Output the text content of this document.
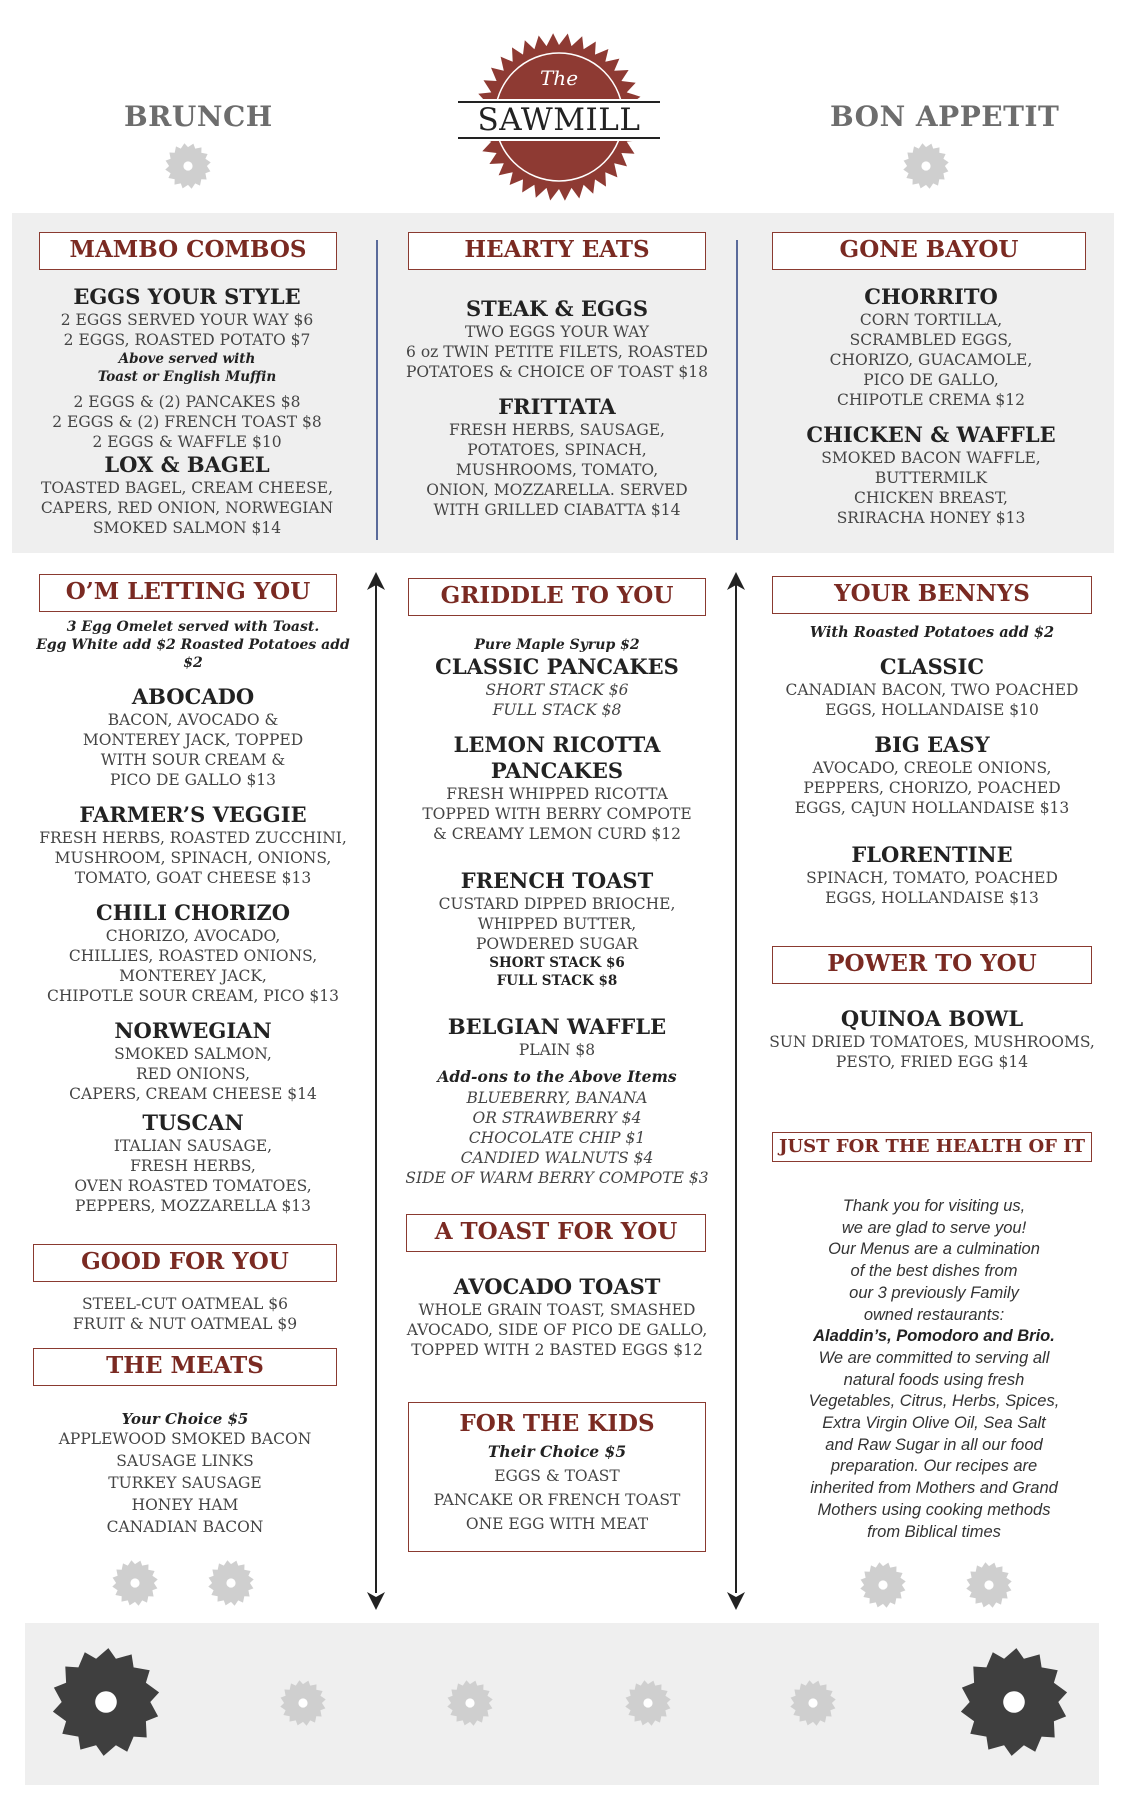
BRUNCH	BON APPETIT
The
SAWMILL
MAMBO COMBOS
EGGS YOUR STYLE
2 EGGS SERVED YOUR WAY $6
2 EGGS, ROASTED POTATO $7
Above served with
Toast or English Muffin
2 EGGS & (2) PANCAKES $8
2 EGGS & (2) FRENCH TOAST $8
2 EGGS & WAFFLE $10
LOX & BAGEL
TOASTED BAGEL, CREAM CHEESE,
CAPERS, RED ONION, NORWEGIAN
SMOKED SALMON $14
HEARTY EATS
STEAK & EGGS
TWO EGGS YOUR WAY
6 oz TWIN PETITE FILETS, ROASTED
POTATOES & CHOICE OF TOAST $18
FRITTATA
FRESH HERBS, SAUSAGE,
POTATOES, SPINACH,
MUSHROOMS, TOMATO,
ONION, MOZZARELLA. SERVED
WITH GRILLED CIABATTA $14
GONE BAYOU
CHORRITO
CORN TORTILLA,
SCRAMBLED EGGS,
CHORIZO, GUACAMOLE,
PICO DE GALLO,
CHIPOTLE CREMA $12
CHICKEN & WAFFLE
SMOKED BACON WAFFLE,
BUTTERMILK
CHICKEN BREAST,
SRIRACHA HONEY $13
O’M LETTING YOU
3 Egg Omelet served with Toast.
Egg White add $2 Roasted Potatoes add $2
ABOCADO
BACON, AVOCADO &
MONTEREY JACK, TOPPED
WITH SOUR CREAM &
PICO DE GALLO $13
FARMER’S VEGGIE
FRESH HERBS, ROASTED ZUCCHINI,
MUSHROOM, SPINACH, ONIONS,
TOMATO, GOAT CHEESE $13
CHILI CHORIZO
CHORIZO, AVOCADO,
CHILLIES, ROASTED ONIONS,
MONTEREY JACK,
CHIPOTLE SOUR CREAM, PICO $13
NORWEGIAN
SMOKED SALMON,
RED ONIONS,
CAPERS, CREAM CHEESE $14
TUSCAN
ITALIAN SAUSAGE,
FRESH HERBS,
OVEN ROASTED TOMATOES,
PEPPERS, MOZZARELLA $13
GOOD FOR YOU
STEEL-CUT OATMEAL $6
FRUIT & NUT OATMEAL $9
THE MEATS
Your Choice $5
APPLEWOOD SMOKED BACON
SAUSAGE LINKS
TURKEY SAUSAGE
HONEY HAM
CANADIAN BACON
GRIDDLE TO YOU
Pure Maple Syrup $2
CLASSIC PANCAKES
SHORT STACK $6
FULL STACK $8
LEMON RICOTTA PANCAKES
FRESH WHIPPED RICOTTA
TOPPED WITH BERRY COMPOTE
& CREAMY LEMON CURD $12
FRENCH TOAST
CUSTARD DIPPED BRIOCHE,
WHIPPED BUTTER,
POWDERED SUGAR
SHORT STACK $6
FULL STACK $8
BELGIAN WAFFLE
PLAIN $8
Add-ons to the Above Items
BLUEBERRY, BANANA
OR STRAWBERRY $4
CHOCOLATE CHIP $1
CANDIED WALNUTS $4
SIDE OF WARM BERRY COMPOTE $3
A TOAST FOR YOU
AVOCADO TOAST
WHOLE GRAIN TOAST, SMASHED
AVOCADO, SIDE OF PICO DE GALLO,
TOPPED WITH 2 BASTED EGGS $12
FOR THE KIDS
Their Choice $5
EGGS & TOAST
PANCAKE OR FRENCH TOAST
ONE EGG WITH MEAT
YOUR BENNYS
With Roasted Potatoes add $2
CLASSIC
CANADIAN BACON, TWO POACHED
EGGS, HOLLANDAISE $10
BIG EASY
AVOCADO, CREOLE ONIONS,
PEPPERS, CHORIZO, POACHED
EGGS, CAJUN HOLLANDAISE $13
FLORENTINE
SPINACH, TOMATO, POACHED
EGGS, HOLLANDAISE $13
POWER TO YOU
QUINOA BOWL
SUN DRIED TOMATOES, MUSHROOMS,
PESTO, FRIED EGG $14
JUST FOR THE HEALTH OF IT
Thank you for visiting us,
we are glad to serve you!
Our Menus are a culmination
of the best dishes from
our 3 previously Family
owned restaurants:
Aladdin’s, Pomodoro and Brio.
We are committed to serving all
natural foods using fresh
Vegetables, Citrus, Herbs, Spices,
Extra Virgin Olive Oil, Sea Salt
and Raw Sugar in all our food
preparation. Our recipes are
inherited from Mothers and Grand
Mothers using cooking methods
from Biblical times
